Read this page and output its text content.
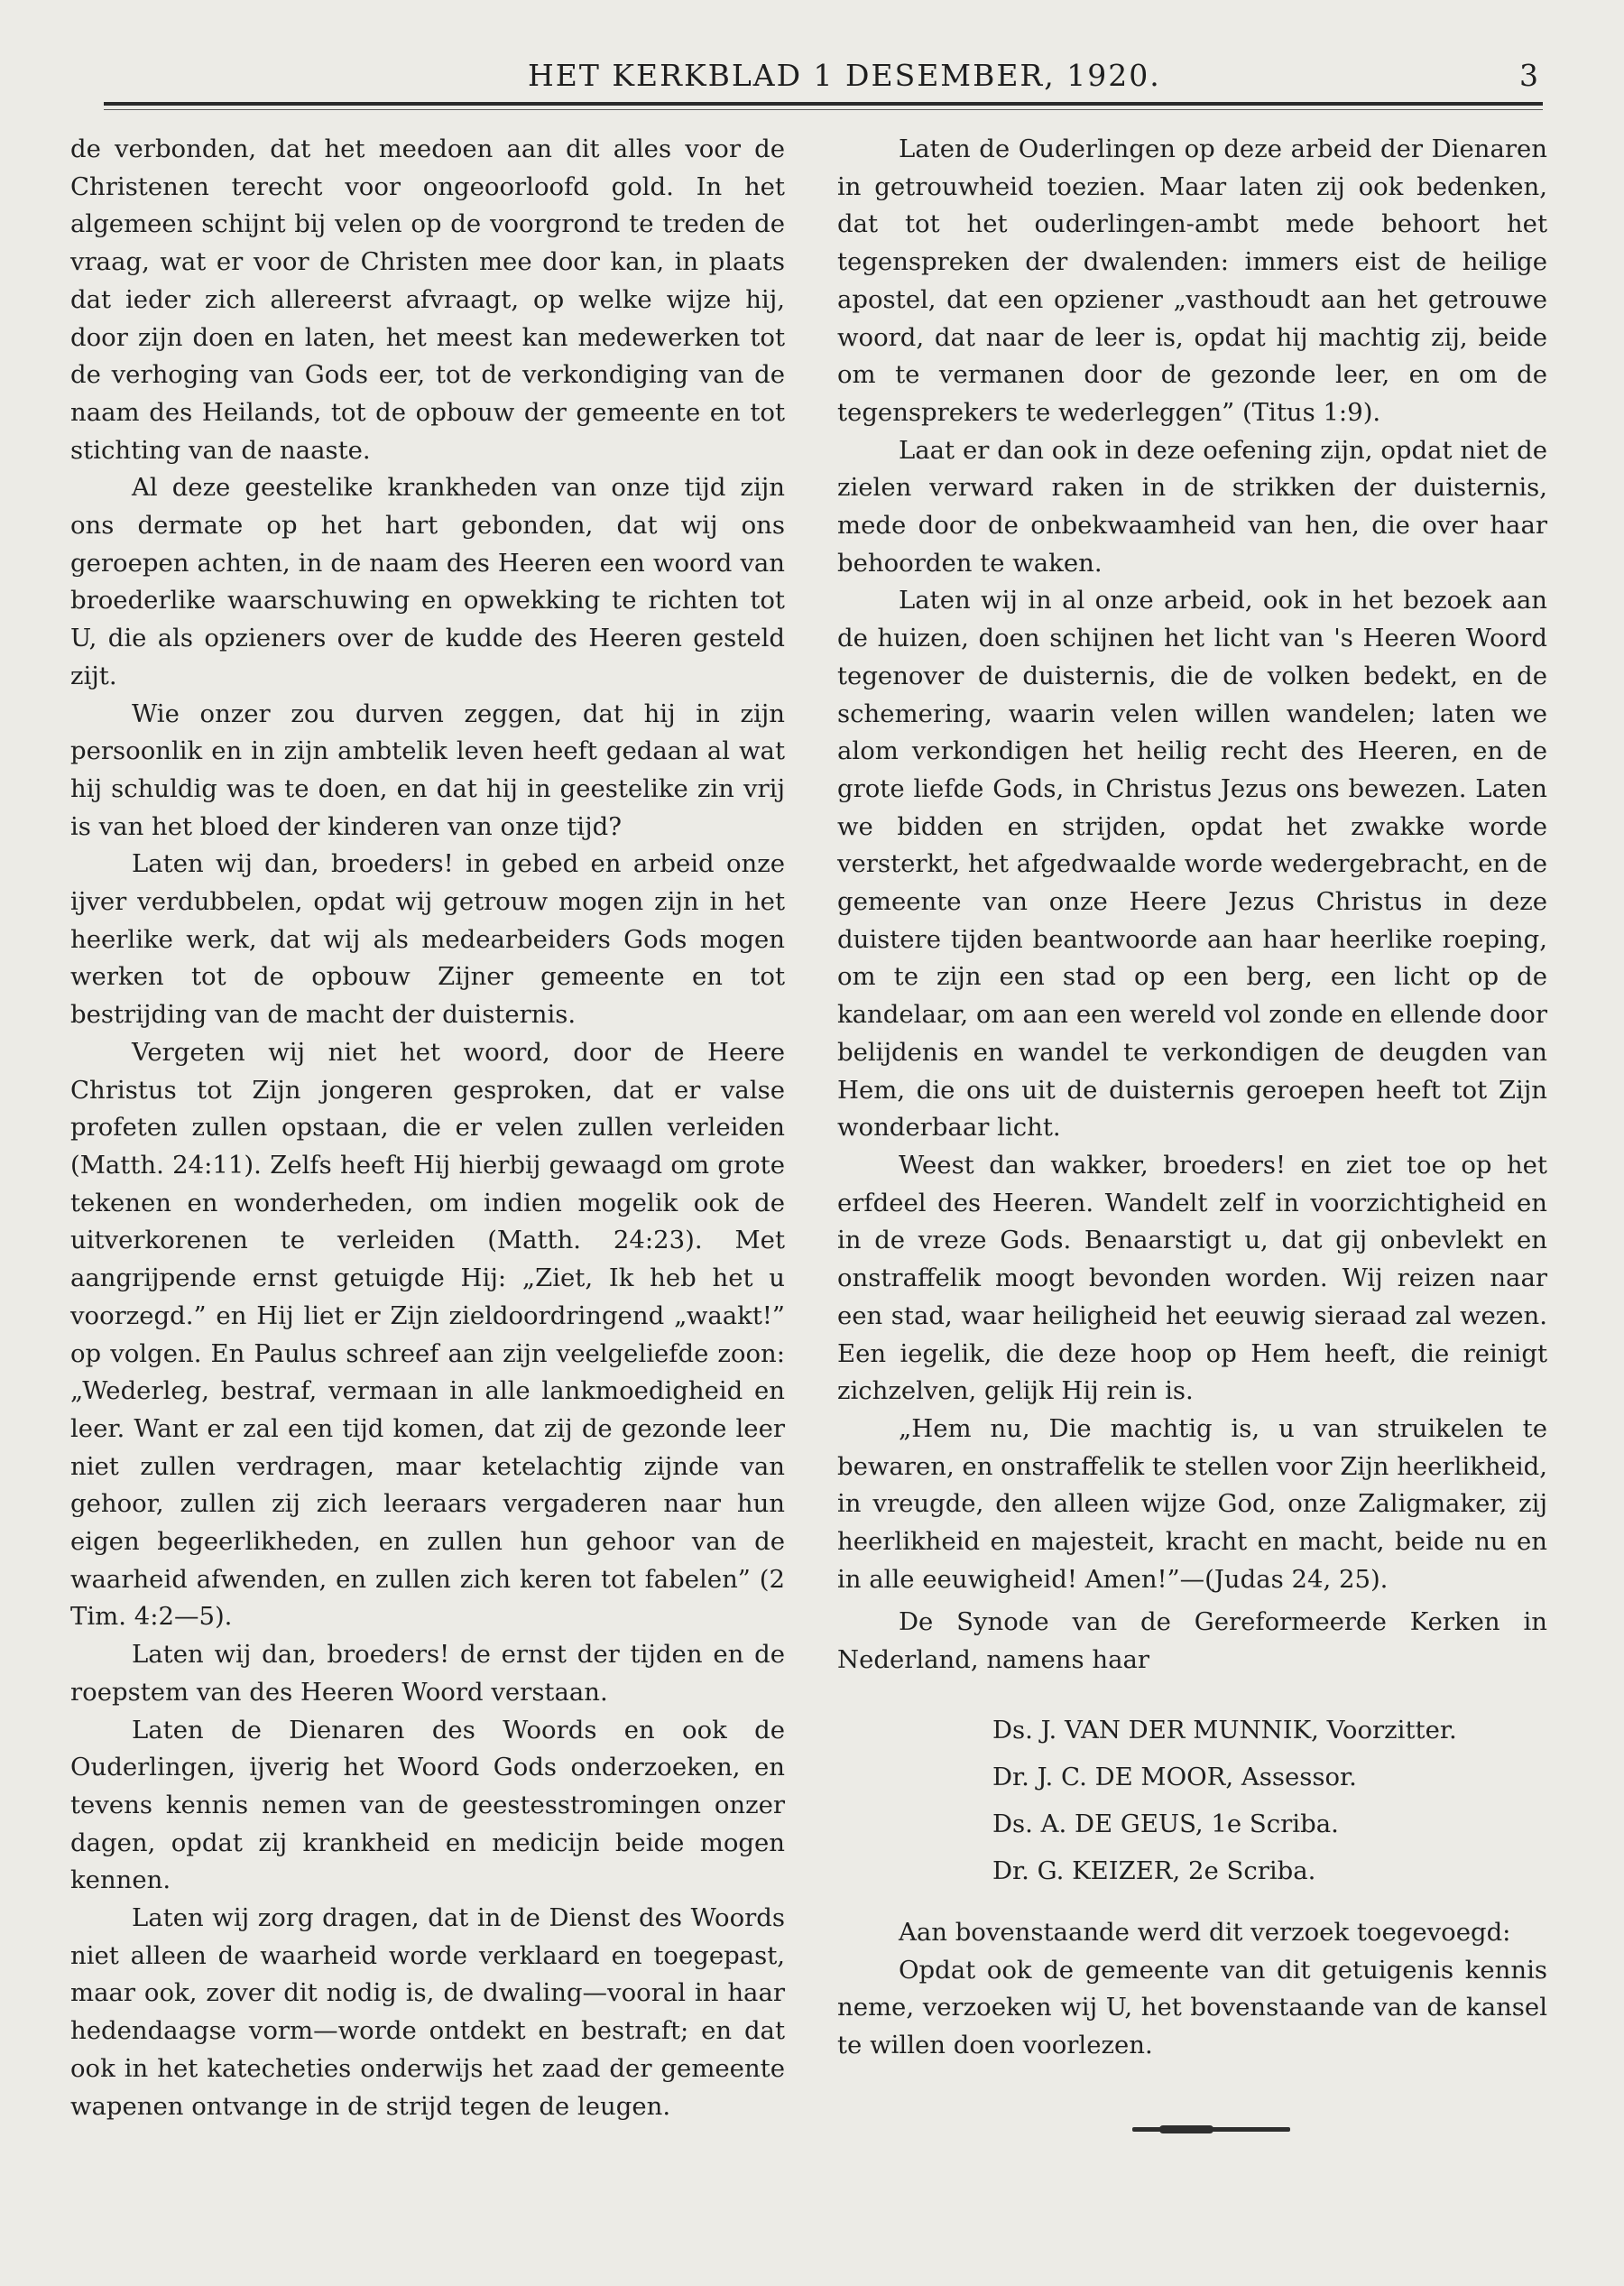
HET KERKBLAD 1 DESEMBER, 1920.	3

de verbonden, dat het meedoen aan dit alles voor de Christenen terecht voor ongeoorloofd gold. In het algemeen schijnt bij velen op de voorgrond te treden de vraag, wat er voor de Christen mee door kan, in plaats dat ieder zich allereerst afvraagt, op welke wijze hij, door zijn doen en laten, het meest kan medewerken tot de verhoging van Gods eer, tot de verkondiging van de naam des Heilands, tot de opbouw der gemeente en tot stichting van de naaste.

Al deze geestelike krankheden van onze tijd zijn ons dermate op het hart gebonden, dat wij ons geroepen achten, in de naam des Heeren een woord van broederlike waarschuwing en opwekking te richten tot U, die als opzieners over de kudde des Heeren gesteld zijt.

Wie onzer zou durven zeggen, dat hij in zijn persoonlik en in zijn ambtelik leven heeft gedaan al wat hij schuldig was te doen, en dat hij in geestelike zin vrij is van het bloed der kinderen van onze tijd?

Laten wij dan, broeders! in gebed en arbeid onze ijver verdubbelen, opdat wij getrouw mogen zijn in het heerlike werk, dat wij als medearbeiders Gods mogen werken tot de opbouw Zijner gemeente en tot bestrijding van de macht der duisternis.

Vergeten wij niet het woord, door de Heere Christus tot Zijn jongeren gesproken, dat er valse profeten zullen opstaan, die er velen zullen verleiden (Matth. 24:11). Zelfs heeft Hij hierbij gewaagd om grote tekenen en wonderheden, om indien mogelik ook de uitverkorenen te verleiden (Matth. 24:23). Met aangrijpende ernst getuigde Hij: „Ziet, Ik heb het u voorzegd.” en Hij liet er Zijn zieldoordringend „waakt!” op volgen. En Paulus schreef aan zijn veelgeliefde zoon: „Wederleg, bestraf, vermaan in alle lankmoedigheid en leer. Want er zal een tijd komen, dat zij de gezonde leer niet zullen verdragen, maar ketelachtig zijnde van gehoor, zullen zij zich leeraars vergaderen naar hun eigen begeerlikheden, en zullen hun gehoor van de waarheid afwenden, en zullen zich keren tot fabelen” (2 Tim. 4:2—5).

Laten wij dan, broeders! de ernst der tijden en de roepstem van des Heeren Woord verstaan.

Laten de Dienaren des Woords en ook de Ouderlingen, ijverig het Woord Gods onderzoeken, en tevens kennis nemen van de geestesstromingen onzer dagen, opdat zij krankheid en medicijn beide mogen kennen.

Laten wij zorg dragen, dat in de Dienst des Woords niet alleen de waarheid worde verklaard en toegepast, maar ook, zover dit nodig is, de dwaling—vooral in haar hedendaagse vorm—worde ontdekt en bestraft; en dat ook in het katecheties onderwijs het zaad der gemeente wapenen ontvange in de strijd tegen de leugen.

Laten de Ouderlingen op deze arbeid der Dienaren in getrouwheid toezien. Maar laten zij ook bedenken, dat tot het ouderlingen-ambt mede behoort het tegenspreken der dwalenden: immers eist de heilige apostel, dat een opziener „vasthoudt aan het getrouwe woord, dat naar de leer is, opdat hij machtig zij, beide om te vermanen door de gezonde leer, en om de tegensprekers te wederleggen” (Titus 1:9).

Laat er dan ook in deze oefening zijn, opdat niet de zielen verward raken in de strikken der duisternis, mede door de onbekwaamheid van hen, die over haar behoorden te waken.

Laten wij in al onze arbeid, ook in het bezoek aan de huizen, doen schijnen het licht van 's Heeren Woord tegenover de duisternis, die de volken bedekt, en de schemering, waarin velen willen wandelen; laten we alom verkondigen het heilig recht des Heeren, en de grote liefde Gods, in Christus Jezus ons bewezen. Laten we bidden en strijden, opdat het zwakke worde versterkt, het afgedwaalde worde wedergebracht, en de gemeente van onze Heere Jezus Christus in deze duistere tijden beantwoorde aan haar heerlike roeping, om te zijn een stad op een berg, een licht op de kandelaar, om aan een wereld vol zonde en ellende door belijdenis en wandel te verkondigen de deugden van Hem, die ons uit de duisternis geroepen heeft tot Zijn wonderbaar licht.

Weest dan wakker, broeders! en ziet toe op het erfdeel des Heeren. Wandelt zelf in voorzichtigheid en in de vreze Gods. Benaarstigt u, dat gij onbevlekt en onstraffelik moogt bevonden worden. Wij reizen naar een stad, waar heiligheid het eeuwig sieraad zal wezen. Een iegelik, die deze hoop op Hem heeft, die reinigt zichzelven, gelijk Hij rein is.

„Hem nu, Die machtig is, u van struikelen te bewaren, en onstraffelik te stellen voor Zijn heerlikheid, in vreugde, den alleen wijze God, onze Zaligmaker, zij heerlikheid en majesteit, kracht en macht, beide nu en in alle eeuwigheid! Amen!”—(Judas 24, 25).

De Synode van de Gereformeerde Kerken in Nederland, namens haar

Ds. J. VAN DER MUNNIK, Voorzitter.
Dr. J. C. DE MOOR, Assessor.
Ds. A. DE GEUS, 1e Scriba.
Dr. G. KEIZER, 2e Scriba.

Aan bovenstaande werd dit verzoek toegevoegd:

Opdat ook de gemeente van dit getuigenis kennis neme, verzoeken wij U, het bovenstaande van de kansel te willen doen voorlezen.
